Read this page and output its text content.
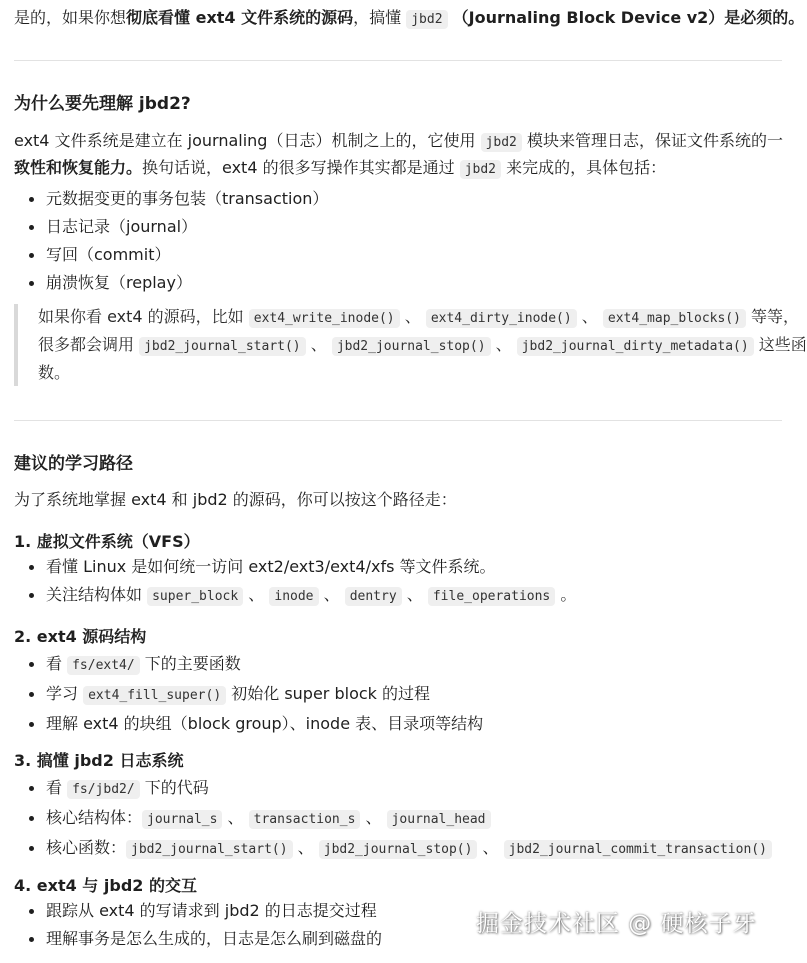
是的，如果你想彻底看懂 ext4 文件系统的源码，搞懂 jbd2 （Journaling Block Device v2）是必须的。
为什么要先理解 jbd2?
ext4 文件系统是建立在 journaling（日志）机制之上的，它使用 jbd2 模块来管理日志，保证文件系统的一
致性和恢复能力。换句话说，ext4 的很多写操作其实都是通过 jbd2 来完成的，具体包括：
元数据变更的事务包装（transaction）
日志记录（journal）
写回（commit）
崩溃恢复（replay）
如果你看 ext4 的源码，比如 ext4_write_inode() 、 ext4_dirty_inode() 、 ext4_map_blocks() 等等，
很多都会调用 jbd2_journal_start() 、 jbd2_journal_stop() 、 jbd2_journal_dirty_metadata() 这些函
数。
建议的学习路径
为了系统地掌握 ext4 和 jbd2 的源码，你可以按这个路径走：
1. 虚拟文件系统（VFS）
看懂 Linux 是如何统一访问 ext2/ext3/ext4/xfs 等文件系统。
关注结构体如 super_block 、 inode 、 dentry 、 file_operations 。
2. ext4 源码结构
看 fs/ext4/ 下的主要函数
学习 ext4_fill_super() 初始化 super block 的过程
理解 ext4 的块组（block group）、inode 表、目录项等结构
3. 搞懂 jbd2 日志系统
看 fs/jbd2/ 下的代码
核心结构体： journal_s 、 transaction_s 、 journal_head
核心函数： jbd2_journal_start() 、 jbd2_journal_stop() 、 jbd2_journal_commit_transaction()
4. ext4 与 jbd2 的交互
跟踪从 ext4 的写请求到 jbd2 的日志提交过程
理解事务是怎么生成的，日志是怎么刷到磁盘的
掘金技术社区 @ 硬核子牙
